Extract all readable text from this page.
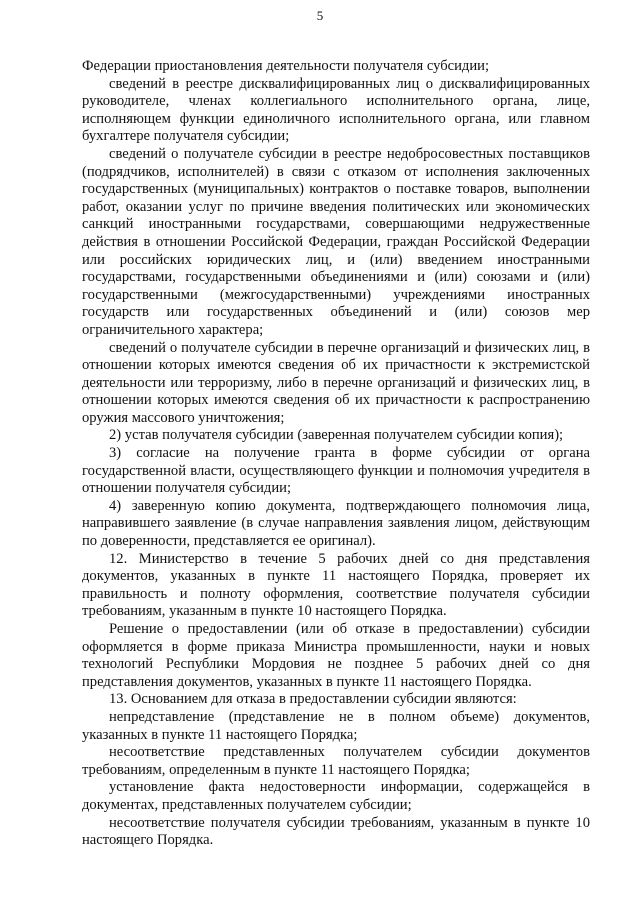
5

Федерации приостановления деятельности получателя субсидии;

сведений в реестре дисквалифицированных лиц о дисквалифицированных руководителе, членах коллегиального исполнительного органа, лице, исполняющем функции единоличного исполнительного органа, или главном бухгалтере получателя субсидии;

сведений о получателе субсидии в реестре недобросовестных поставщиков (подрядчиков, исполнителей) в связи с отказом от исполнения заключенных государственных (муниципальных) контрактов о поставке товаров, выполнении работ, оказании услуг по причине введения политических или экономических санкций иностранными государствами, совершающими недружественные действия в отношении Российской Федерации, граждан Российской Федерации или российских юридических лиц, и (или) введением иностранными государствами, государственными объединениями и (или) союзами и (или) государственными (межгосударственными) учреждениями иностранных государств или государственных объединений и (или) союзов мер ограничительного характера;

сведений о получателе субсидии в перечне организаций и физических лиц, в отношении которых имеются сведения об их причастности к экстремистской деятельности или терроризму, либо в перечне организаций и физических лиц, в отношении которых имеются сведения об их причастности к распространению оружия массового уничтожения;

2) устав получателя субсидии (заверенная получателем субсидии копия);

3) согласие на получение гранта в форме субсидии от органа государственной власти, осуществляющего функции и полномочия учредителя в отношении получателя субсидии;

4) заверенную копию документа, подтверждающего полномочия лица, направившего заявление (в случае направления заявления лицом, действующим по доверенности, представляется ее оригинал).

12. Министерство в течение 5 рабочих дней со дня представления документов, указанных в пункте 11 настоящего Порядка, проверяет их правильность и полноту оформления, соответствие получателя субсидии требованиям, указанным в пункте 10 настоящего Порядка.

Решение о предоставлении (или об отказе в предоставлении) субсидии оформляется в форме приказа Министра промышленности, науки и новых технологий Республики Мордовия не позднее 5 рабочих дней со дня представления документов, указанных в пункте 11 настоящего Порядка.

13. Основанием для отказа в предоставлении субсидии являются:

непредставление (представление не в полном объеме) документов, указанных в пункте 11 настоящего Порядка;

несоответствие представленных получателем субсидии документов требованиям, определенным в пункте 11 настоящего Порядка;

установление факта недостоверности информации, содержащейся в документах, представленных получателем субсидии;

несоответствие получателя субсидии требованиям, указанным в пункте 10 настоящего Порядка.
